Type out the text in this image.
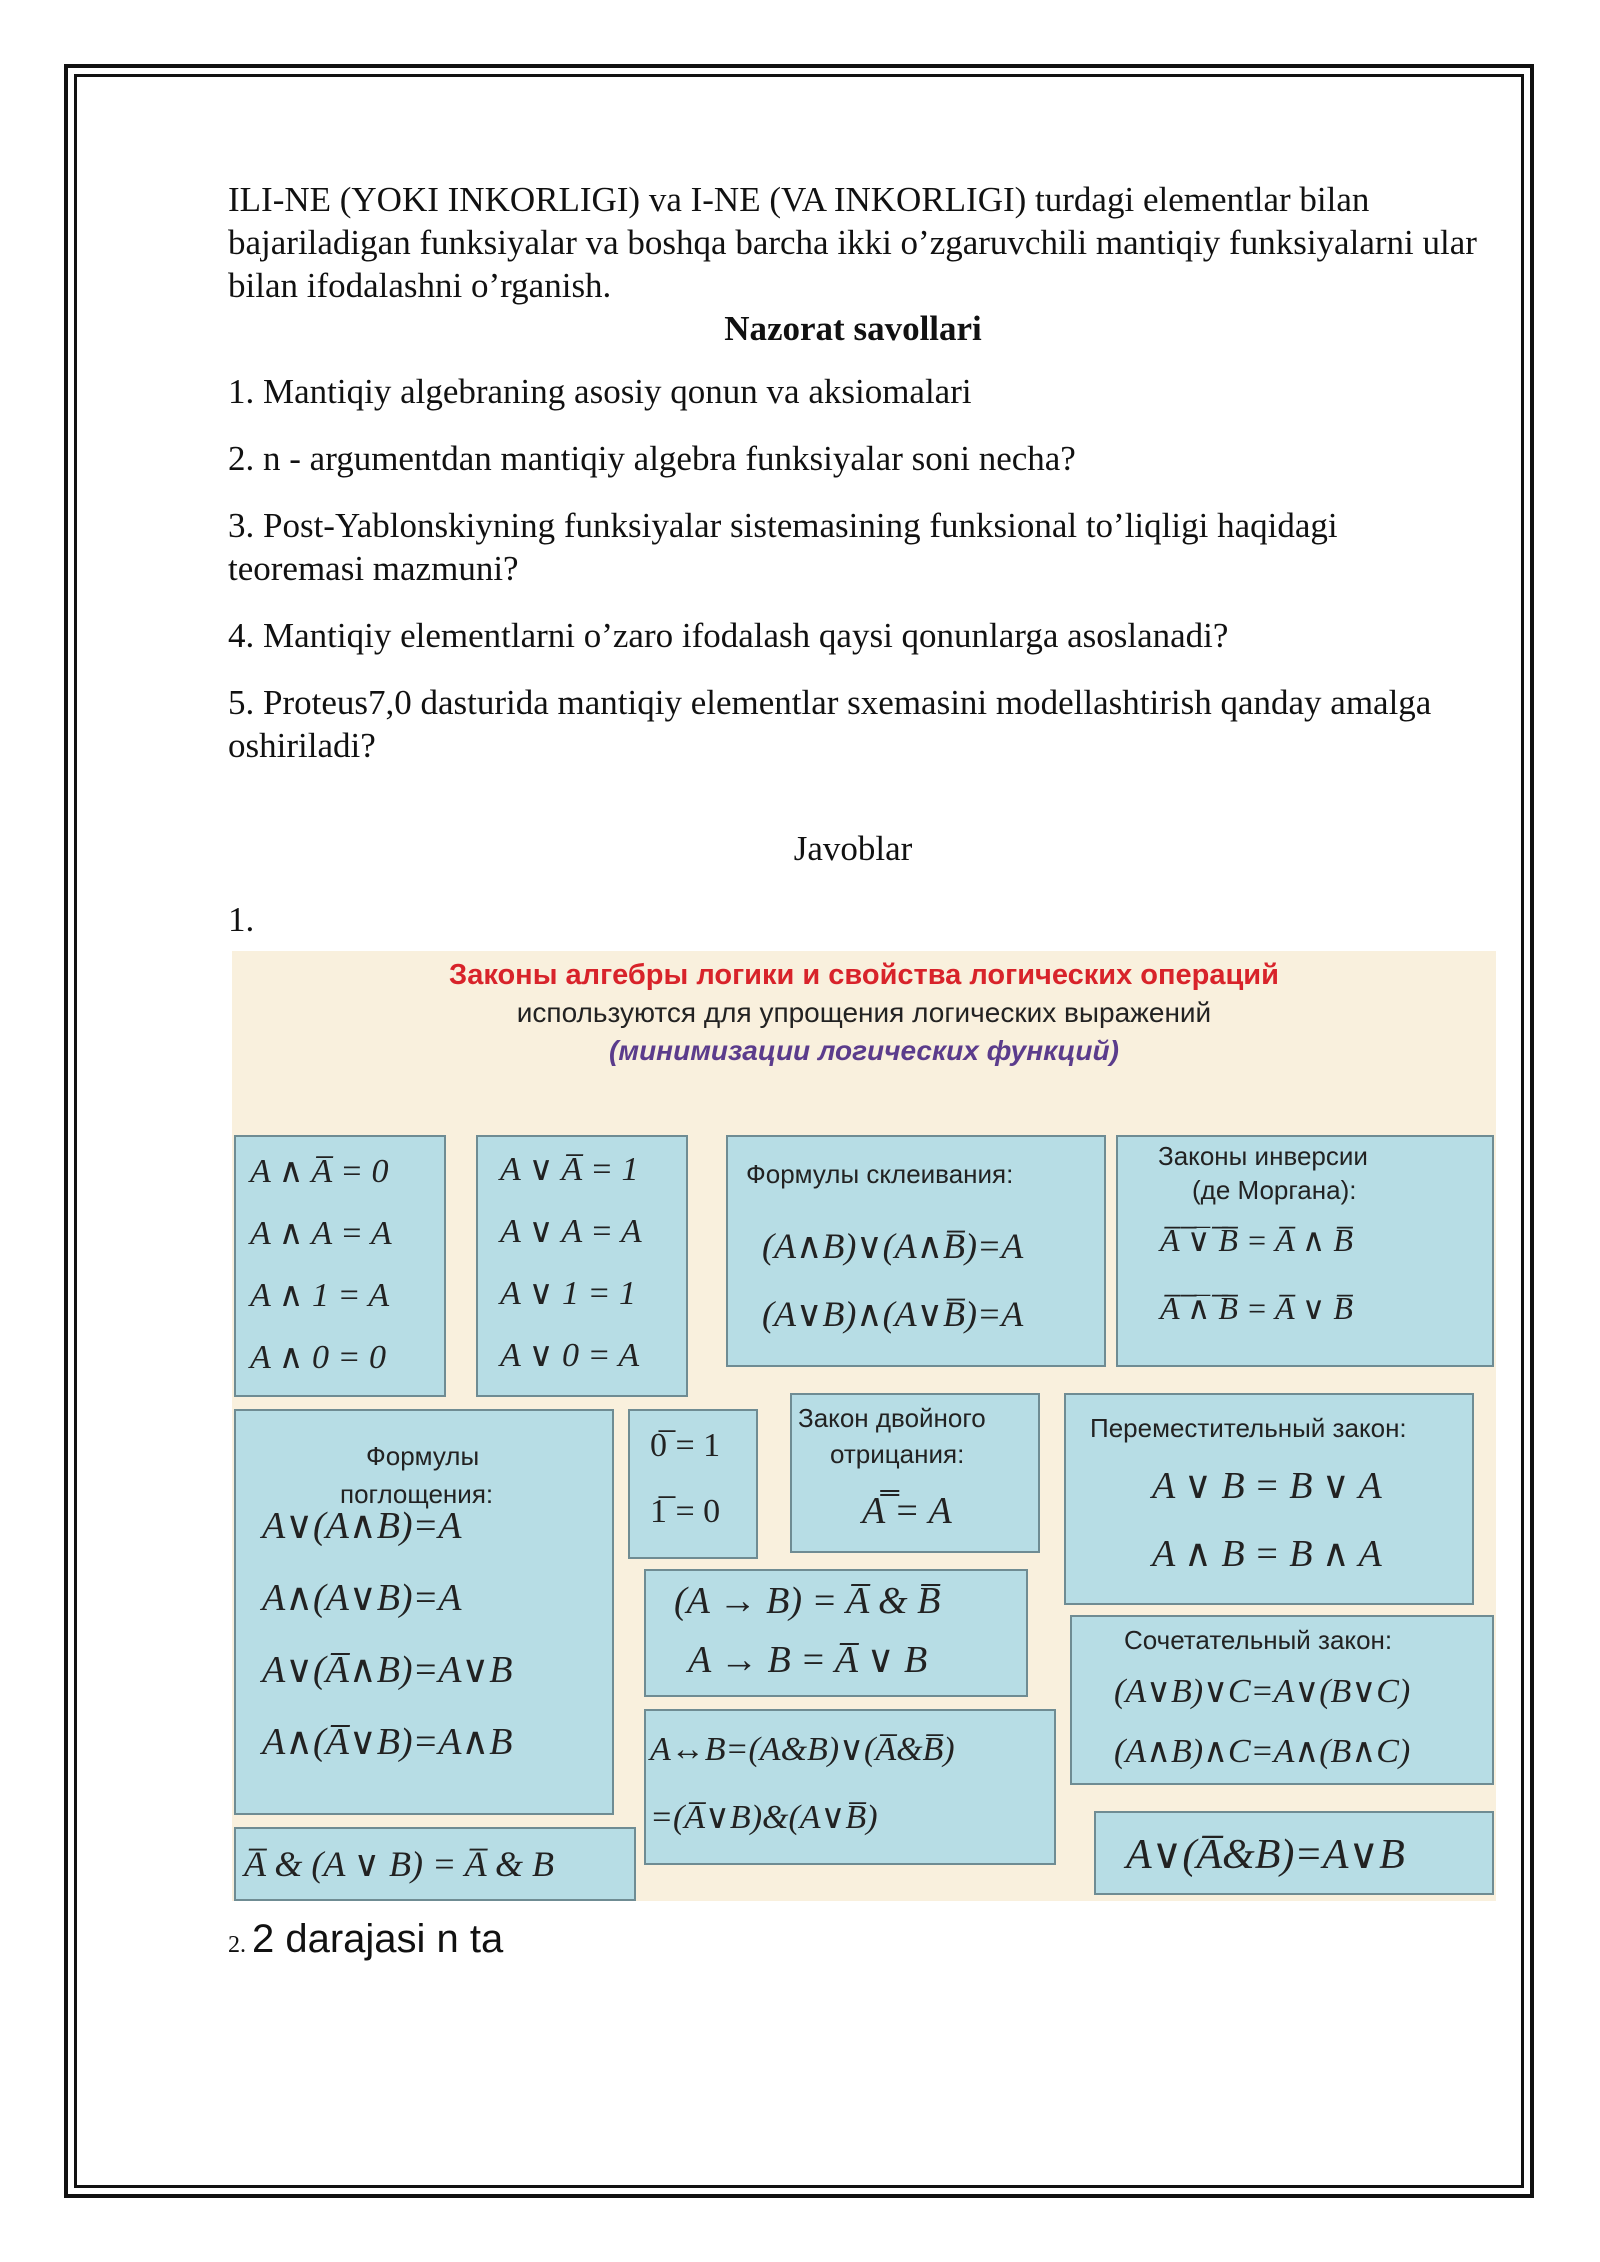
ILI-NE (YOKI INKORLIGI) va I-NE (VA INKORLIGI) turdagi elementlar bilan bajariladigan funksiyalar va boshqa barcha ikki o’zgaruvchili mantiqiy funksiyalarni ular bilan ifodalashni o’rganish.

Nazorat savollari

1. Mantiqiy algebraning asosiy qonun va aksiomalari

2. n - argumentdan mantiqiy algebra funksiyalar soni necha?

3. Post-Yablonskiyning funksiyalar sistemasining funksional to’liqligi haqidagi teoremasi mazmuni?

4. Mantiqiy elementlarni o’zaro ifodalash qaysi qonunlarga asoslanadi?

5. Proteus7,0 dasturida mantiqiy elementlar sxemasini modellashtirish qanday amalga oshiriladi?

Javoblar

1.

Законы алгебры логики и свойства логических операций
используются для упрощения логических выражений
(минимизации логических функций)
A ∧ A̅ = 0
A ∧ A = A
A ∧ 1 = A
A ∧ 0 = 0
A ∨ A̅ = 1
A ∨ A = A
A ∨ 1 = 1
A ∨ 0 = A
Формулы склеивания:
(A∧B)∨(A∧B̅)=A
(A∨B)∧(A∨B̅)=A
Законы инверсии
(де Моргана):
A̅ ̅∨̅ ̅B̅ = A̅ ∧ B̅
A̅ ̅∧̅ ̅B̅ = A̅ ∨ B̅
Формулы
поглощения:
A∨(A∧B)=A
A∧(A∨B)=A
A∨(A̅∧B)=A∨B
A∧(A̅∨B)=A∧B
0̅ = 1
1̅ = 0
Закон двойного
отрицания:
A̿ = A
Переместительный закон:
A ∨ B = B ∨ A
A ∧ B = B ∧ A
(A → B) = A̅ & B̅
A → B = A̅ ∨ B	Сочетательный закон:
(A∨B)∨C=A∨(B∨C)
(A∧B)∧C=A∧(B∧C)
A↔B=(A&B)∨(A̅&B̅)
=(A̅∨B)&(A∨B̅)
A̅ & (A ∨ B) = A̅ & B	A∨(A̅&B)=A∨B

2. 2 darajasi n ta
